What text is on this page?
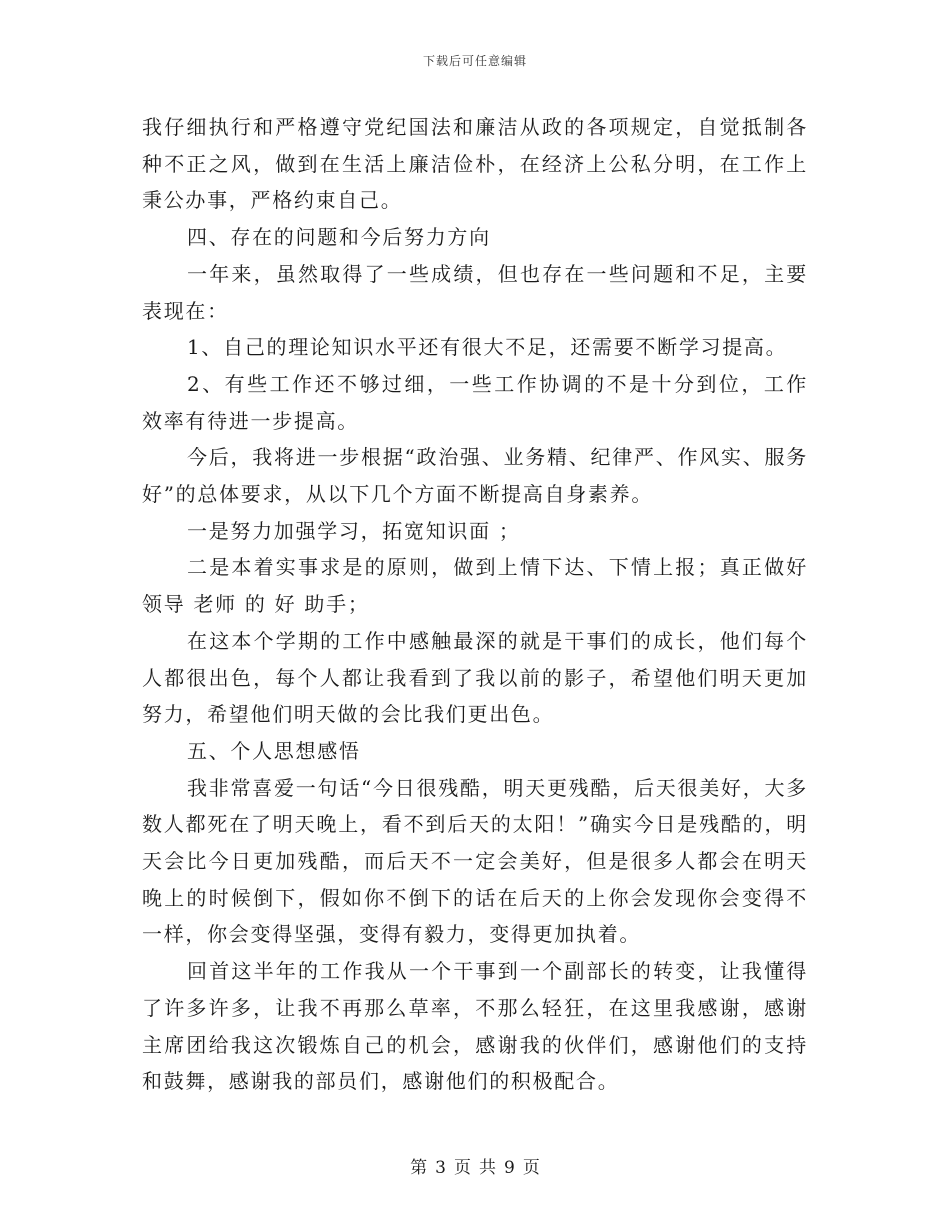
下载后可任意编辑

我仔细执行和严格遵守党纪国法和廉洁从政的各项规定，自觉抵制各种不正之风，做到在生活上廉洁俭朴，在经济上公私分明，在工作上秉公办事，严格约束自己。

四、存在的问题和今后努力方向

一年来，虽然取得了一些成绩，但也存在一些问题和不足，主要表现在：

1、自己的理论知识水平还有很大不足，还需要不断学习提高。

2、有些工作还不够过细，一些工作协调的不是十分到位，工作效率有待进一步提高。

今后，我将进一步根据“政治强、业务精、纪律严、作风实、服务好”的总体要求，从以下几个方面不断提高自身素养。

一是努力加强学习，拓宽知识面 ；

二是本着实事求是的原则，做到上情下达、下情上报；真正做好领导 老师 的 好 助手；

在这本个学期的工作中感触最深的就是干事们的成长，他们每个人都很出色，每个人都让我看到了我以前的影子，希望他们明天更加努力，希望他们明天做的会比我们更出色。

五、个人思想感悟

我非常喜爱一句话“今日很残酷，明天更残酷，后天很美好，大多数人都死在了明天晚上，看不到后天的太阳！”确实今日是残酷的，明天会比今日更加残酷，而后天不一定会美好，但是很多人都会在明天晚上的时候倒下，假如你不倒下的话在后天的上你会发现你会变得不一样，你会变得坚强，变得有毅力，变得更加执着。

回首这半年的工作我从一个干事到一个副部长的转变，让我懂得了许多许多，让我不再那么草率，不那么轻狂，在这里我感谢，感谢主席团给我这次锻炼自己的机会，感谢我的伙伴们，感谢他们的支持和鼓舞，感谢我的部员们，感谢他们的积极配合。

第 3 页 共 9 页
